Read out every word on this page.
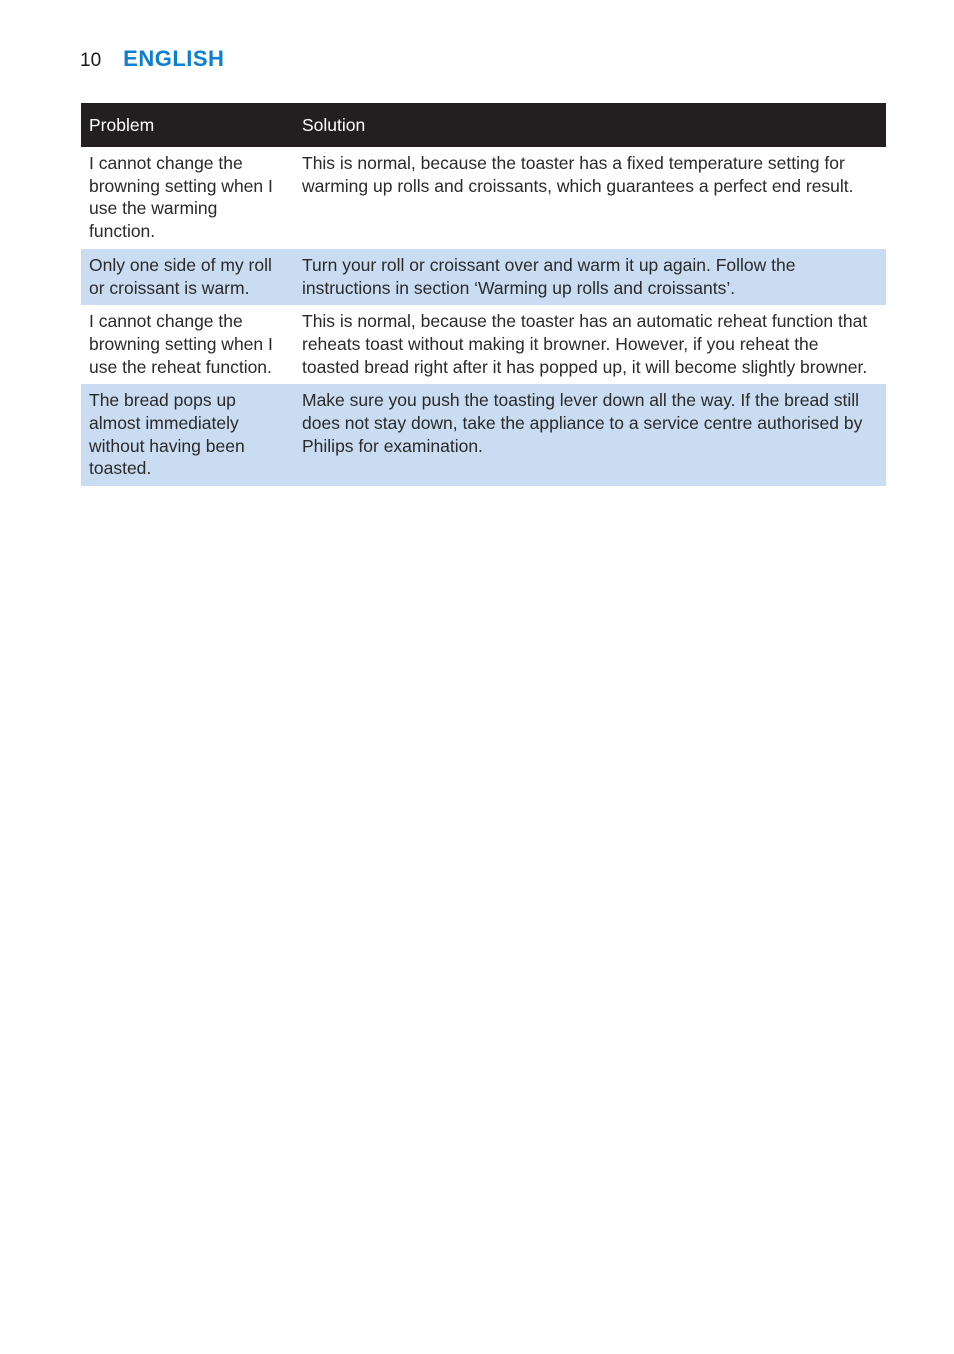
10 ENGLISH
Problem	Solution
I cannot change the browning setting when I use the warming function.	This is normal, because the toaster has a fixed temperature setting for warming up rolls and croissants, which guarantees a perfect end result.
Only one side of my roll or croissant is warm.	Turn your roll or croissant over and warm it up again. Follow the instructions in section ‘Warming up rolls and croissants’.
I cannot change the browning setting when I use the reheat function.	This is normal, because the toaster has an automatic reheat function that reheats toast without making it browner. However, if you reheat the toasted bread right after it has popped up, it will become slightly browner.
The bread pops up almost immediately without having been toasted.	Make sure you push the toasting lever down all the way. If the bread still does not stay down, take the appliance to a service centre authorised by Philips for examination.
